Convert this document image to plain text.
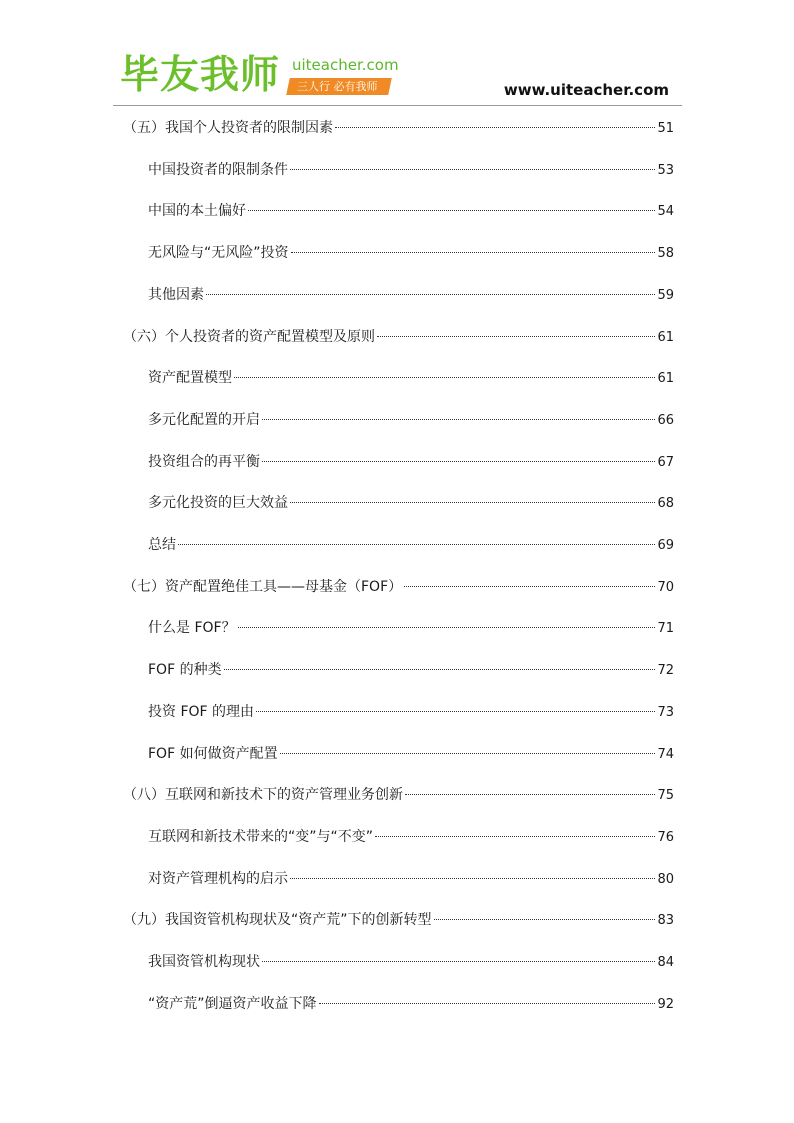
毕友我师 uiteacher.com
三人行 必有我师	www.uiteacher.com
（五）我国个人投资者的限制因素	51
中国投资者的限制条件	53
中国的本土偏好	54
无风险与“无风险”投资	58
其他因素	59
（六）个人投资者的资产配置模型及原则	61
资产配置模型	61
多元化配置的开启	66
投资组合的再平衡	67
多元化投资的巨大效益	68
总结	69
（七）资产配置绝佳工具——母基金（FOF）	70
什么是 FOF？	71
FOF 的种类	72
投资 FOF 的理由	73
FOF 如何做资产配置	74
（八）互联网和新技术下的资产管理业务创新	75
互联网和新技术带来的“变”与“不变”	76
对资产管理机构的启示	80
（九）我国资管机构现状及“资产荒”下的创新转型	83
我国资管机构现状	84
“资产荒”倒逼资产收益下降	92
